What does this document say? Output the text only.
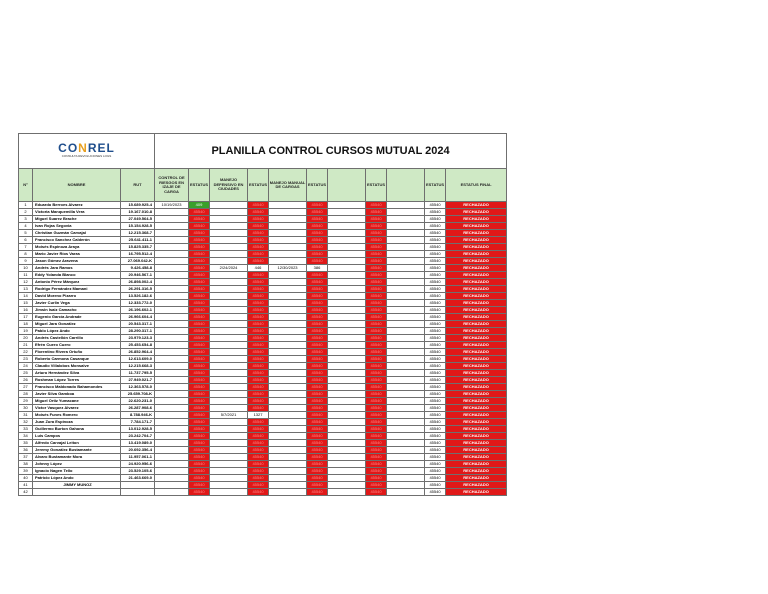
CONREL
CONSULTA REVOLUCIONES LOGS			PLANILLA CONTROL CURSOS MUTUAL 2024										
N°	NOMBRE	RUT	CONTROL DE RIESGOS EN IZAJE DE CARGA	ESTATUS	MANEJO DEFENSIVO EN CIUDADES	ESTATUS	MANEJO MANUAL DE CARGAS	ESTATUS		ESTATUS		ESTATUS	ESTATUS FINAL
1	Eduardo Berroes Alvarez	15.689.925-4	10/19/2023	409		45540		45540		45540		45540	RECHAZADO
2	Victoria Manquemilla Vera	19.167.010-8		45540		45540		45540		45540		45540	RECHAZADO
3	Miguel Suarez Brache	27.049.564-5		45540		45540		45540		45540		45540	RECHAZADO
4	Ivan Rojas Segovia	15.154.928-5		45540		45540		45540		45540		45540	RECHAZADO
5	Christian Guzmán Carvajal	12.215.368-7		45540		45540		45540		45540		45540	RECHAZADO
6	Francisco Sanchez Calderón	25.641.411-1		45540		45540		45540		45540		45540	RECHAZADO
7	Moisés Espinoza Araya	15.825.335-7		45540		45540		45540		45540		45540	RECHAZADO
8	Mario Javier Ríos Varas	16.795.512-4		45540		45540		45540		45540		45540	RECHAZADO
9	Jason Gómez Aravena	27.069.042-K		45540		45540		45540		45540		45540	RECHAZADO
10	Andrés Jara Ramos	9.426.458-8		45540	2/24/2024	446	12/30/2023	386		45540		45540	RECHAZADO
11	Eddy Yolanda Blanco	20.946.567-1		45540		45540		45540		45540		45540	RECHAZADO
12	Antonio Pérez Márquez	26.898.002-4		45540		45540		45540		45540		45540	RECHAZADO
13	Rodrigo Fernández Mamani	26.291.316-5		45540		45540		45540		45540		45540	RECHAZADO
14	David Moreno Pizarro	13.526.182-6		45540		45540		45540		45540		45540	RECHAZADO
15	Javier Curlin Vega	12.333.772-0		45540		45540		45540		45540		45540	RECHAZADO
16	Jimsin Isaiz Camacho	26.196.602-1		45540		45540		45540		45540		45540	RECHAZADO
17	Eugenio García Andrade	26.966.604-4		45540		45540		45540		45540		45540	RECHAZADO
18	Miguel Jara González	20.543.317-1		45540		45540		45540		45540		45540	RECHAZADO
19	Pablo López Ando	28.290.317-1		45540		45540		45540		45540		45540	RECHAZADO
20	Andrés Castellón Carrillo	23.979.123-3		45540		45540		45540		45540		45540	RECHAZADO
21	Efrén Cuero Cuero	25.453.654-8		45540		45540		45540		45540		45540	RECHAZADO
22	Florentino Rivera Ortuño	26.852.964-4		45540		45540		45540		45540		45540	RECHAZADO
23	Roberto Carmona Casanque	12.613.609-0		45540		45540		45540		45540		45540	RECHAZADO
24	Claudio Villalobos Monsalve	12.215.668-3		45540		45540		45540		45540		45540	RECHAZADO
25	Arturo Hernández Silva	11.737.795-5		45540		45540		45540		45540		45540	RECHAZADO
26	Roshman López Torres	27.949.021-7		45540		45540		45540		45540		45540	RECHAZADO
27	Francisco Maldonado Bahamondes	12.363.578-0		45540		45540		45540		45540		45540	RECHAZADO
28	Javier Silva Gamboa	25.659.708-K		45540		45540		45540		45540		45540	RECHAZADO
29	Miguel Ortiz Yumacane	22.620.231-0		45540		45540		45540		45540		45540	RECHAZADO
30	Victor Vasquez Alvarez	26.287.908-6		45540		45540		45540		45540		45540	RECHAZADO
31	Moisés Funes Romero	8.788.946-K		45540	5/7/2021	1327		45540		45540		45540	RECHAZADO
32	Juan Zura Espinoza	7.784.171-7		45540		45540		45540		45540		45540	RECHAZADO
33	Guillermo Burton Gahona	13.012.928-5		45540		45540		45540		45540		45540	RECHAZADO
34	Luis Campos	23.242.704-7		45540		45540		45540		45540		45540	RECHAZADO
35	Alfredo Carvajal Leiton	13.419.089-0		45540		45540		45540		45540		45540	RECHAZADO
36	Jeremy González Bustamante	20.692.356-4		45540		45540		45540		45540		45540	RECHAZADO
37	Alvaro Bustamante Mora	11.957.061-1		45540		45540		45540		45540		45540	RECHAZADO
38	Johnny López	24.920.956-6		45540		45540		45540		45540		45540	RECHAZADO
39	Ignacio Nagen Tello	23.529.105-6		45540		45540		45540		45540		45540	RECHAZADO
40	Patricio López Ando	21.463.669-0		45540		45540		45540		45540		45540	RECHAZADO
41	JIMMY MUNOZ			45540		45540		45540		45540		45540	RECHAZADO
42				45540		45540		45540		45540		45540	RECHAZADO
